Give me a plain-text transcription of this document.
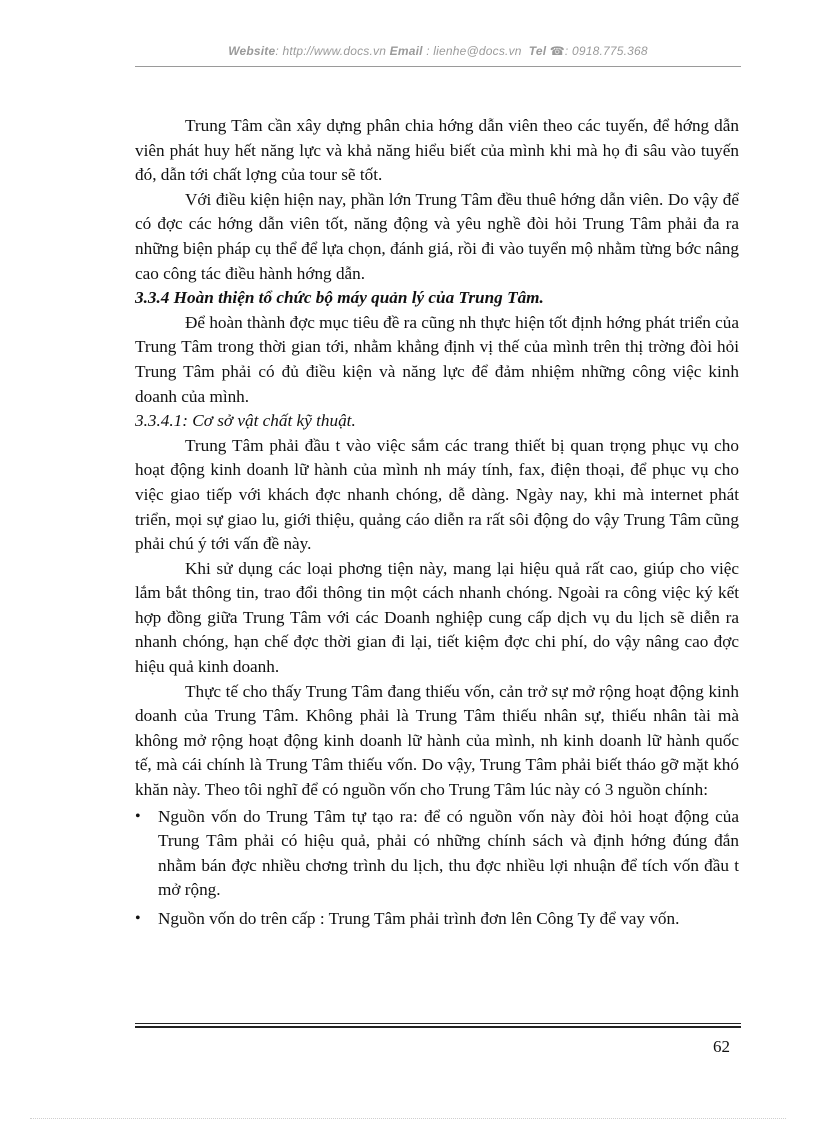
Website: http://www.docs.vn Email : lienhe@docs.vn Tel ☎: 0918.775.368

Trung Tâm cần xây dựng phân chia hớng dẫn viên theo các tuyến, để hớng dẫn viên phát huy hết năng lực và khả năng hiểu biết của mình khi mà họ đi sâu vào tuyến đó, dẫn tới chất lợng của tour sẽ tốt.

Với điều kiện hiện nay, phần lớn Trung Tâm đều thuê hớng dẫn viên. Do vậy để có đợc các hớng dẫn viên tốt, năng động và yêu nghề đòi hỏi Trung Tâm phải đa ra những biện pháp cụ thể để lựa chọn, đánh giá, rồi đi vào tuyển mộ nhằm từng bớc nâng cao công tác điều hành hớng dẫn.

3.3.4 Hoàn thiện tổ chức bộ máy quản lý của Trung Tâm.

Để hoàn thành đợc mục tiêu đề ra cũng nh thực hiện tốt định hớng phát triển của Trung Tâm trong thời gian tới, nhằm khẳng định vị thế của mình trên thị trờng đòi hỏi Trung Tâm phải có đủ điều kiện và năng lực để đảm nhiệm những công việc kinh doanh của mình.

3.3.4.1: Cơ sở vật chất kỹ thuật.

Trung Tâm phải đầu t vào việc sắm các trang thiết bị quan trọng phục vụ cho hoạt động kinh doanh lữ hành của mình nh máy tính, fax, điện thoại, để phục vụ cho việc giao tiếp với khách đợc nhanh chóng, dễ dàng. Ngày nay, khi mà internet phát triển, mọi sự giao lu, giới thiệu, quảng cáo diễn ra rất sôi động do vậy Trung Tâm cũng phải chú ý tới vấn đề này.

Khi sử dụng các loại phơng tiện này, mang lại hiệu quả rất cao, giúp cho việc lắm bắt thông tin, trao đổi thông tin một cách nhanh chóng. Ngoài ra công việc ký kết hợp đồng giữa Trung Tâm với các Doanh nghiệp cung cấp dịch vụ du lịch sẽ diễn ra nhanh chóng, hạn chế đợc thời gian đi lại, tiết kiệm đợc chi phí, do vậy nâng cao đợc hiệu quả kinh doanh.

Thực tế cho thấy Trung Tâm đang thiếu vốn, cản trở sự mở rộng hoạt động kinh doanh của Trung Tâm. Không phải là Trung Tâm thiếu nhân sự, thiếu nhân tài mà không mở rộng hoạt động kinh doanh lữ hành của mình, nh kinh doanh lữ hành quốc tế, mà cái chính là Trung Tâm thiếu vốn. Do vậy, Trung Tâm phải biết tháo gỡ mặt khó khăn này. Theo tôi nghĩ để có nguồn vốn cho Trung Tâm lúc này có 3 nguồn chính:

• Nguồn vốn do Trung Tâm tự tạo ra: để có nguồn vốn này đòi hỏi hoạt động của Trung Tâm phải có hiệu quả, phải có những chính sách và định hớng đúng đắn nhằm bán đợc nhiều chơng trình du lịch, thu đợc nhiều lợi nhuận để tích vốn đầu t mở rộng.
• Nguồn vốn do trên cấp : Trung Tâm phải trình đơn lên Công Ty để vay vốn.
62
